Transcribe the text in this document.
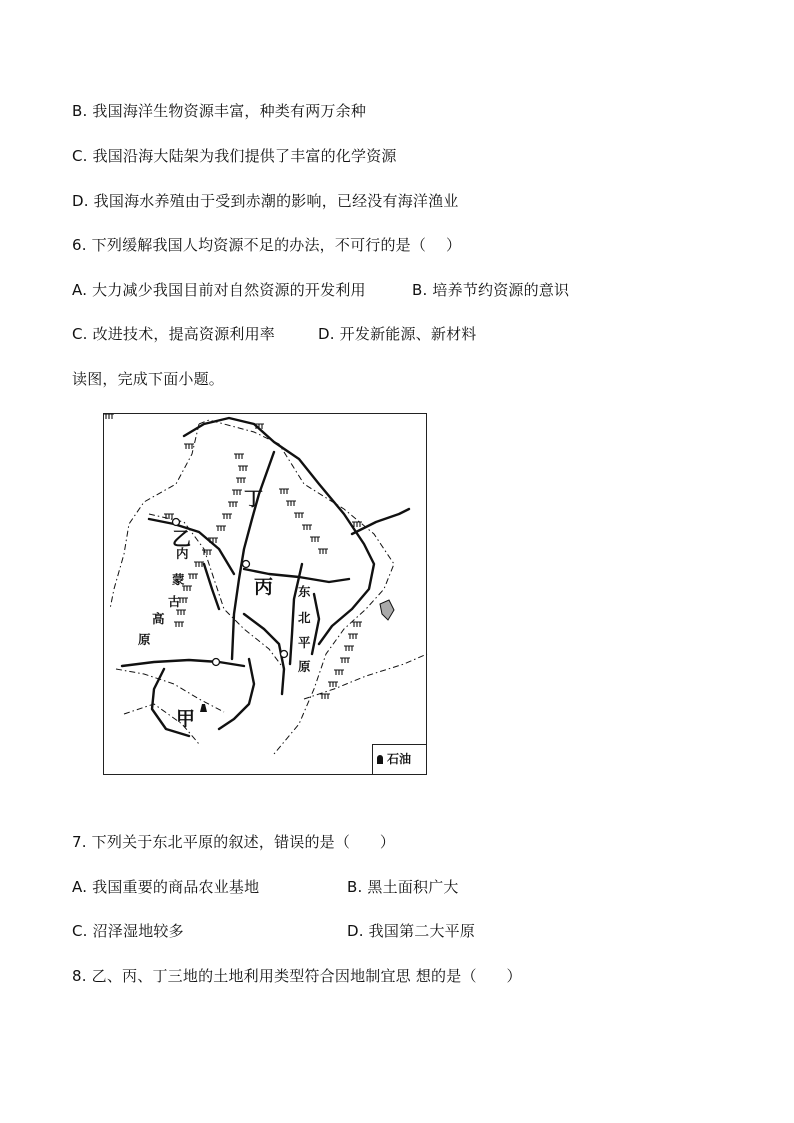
B. 我国海洋生物资源丰富，种类有两万余种
C. 我国沿海大陆架为我们提供了丰富的化学资源
D. 我国海水养殖由于受到赤潮的影响，已经没有海洋渔业
6. 下列缓解我国人均资源不足的办法，不可行的是（    ）
A. 大力减少我国目前对自然资源的开发利用	B. 培养节约资源的意识
C. 改进技术，提高资源利用率	D. 开发新能源、新材料
读图，完成下面小题。
丁
乙
丙
甲
内
蒙
古
高
原
东
北
平
原
石油
7. 下列关于东北平原的叙述，错误的是（      ）
A. 我国重要的商品农业基地	B. 黑土面积广大
C. 沼泽湿地较多	D. 我国第二大平原
8. 乙、丙、丁三地的土地利用类型符合因地制宜思 想的是（      ）
